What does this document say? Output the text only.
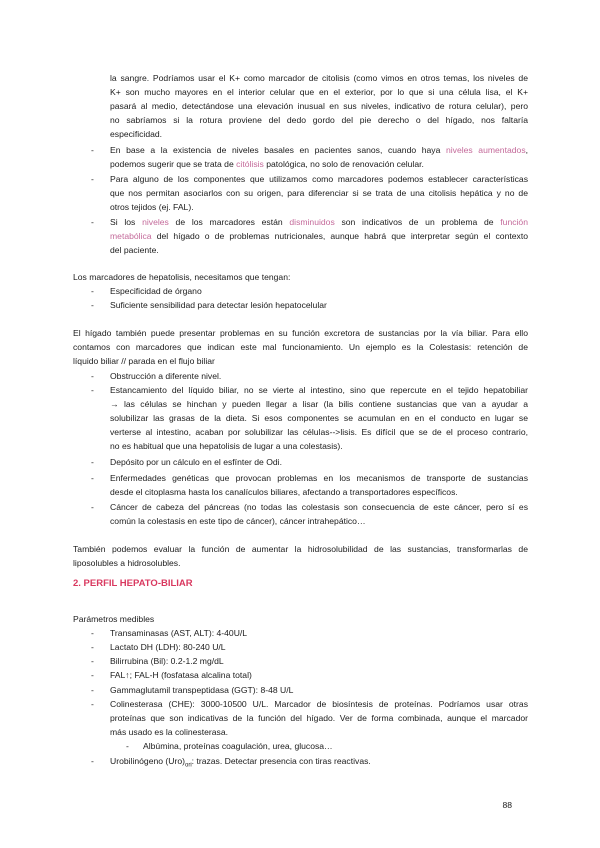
la sangre. Podríamos usar el K+ como marcador de citolisis (como vimos en otros temas, los niveles de
K+ son mucho mayores en el interior celular que en el exterior, por lo que si una célula lisa, el K+
pasará al medio, detectándose una elevación inusual en sus niveles, indicativo de rotura celular), pero
no sabríamos si la rotura proviene del dedo gordo del pie derecho o del hígado, nos faltaría
especificidad.
- En base a la existencia de niveles basales en pacientes sanos, cuando haya niveles aumentados,
podemos sugerir que se trata de citólisis patológica, no solo de renovación celular.
- Para alguno de los componentes que utilizamos como marcadores podemos establecer características
que nos permitan asociarlos con su origen, para diferenciar si se trata de una citolisis hepática y no de
otros tejidos (ej. FAL).
- Si los niveles de los marcadores están disminuidos son indicativos de un problema de función
metabólica del hígado o de problemas nutricionales, aunque habrá que interpretar según el contexto
del paciente.
Los marcadores de hepatolisis, necesitamos que tengan:
- Especificidad de órgano
- Suficiente sensibilidad para detectar lesión hepatocelular
El hígado también puede presentar problemas en su función excretora de sustancias por la vía biliar. Para ello
contamos con marcadores que indican este mal funcionamiento. Un ejemplo es la Colestasis: retención de
líquido biliar // parada en el flujo biliar
- Obstrucción a diferente nivel.
- Estancamiento del líquido biliar, no se vierte al intestino, sino que repercute en el tejido hepatobiliar
→ las células se hinchan y pueden llegar a lisar (la bilis contiene sustancias que van a ayudar a
solubilizar las grasas de la dieta. Si esos componentes se acumulan en en el conducto en lugar se
verterse al intestino, acaban por solubilizar las células-->lisis. Es difícil que se de el proceso contrario,
no es habitual que una hepatolisis de lugar a una colestasis).
- Depósito por un cálculo en el esfínter de Odi.
- Enfermedades genéticas que provocan problemas en los mecanismos de transporte de sustancias
desde el citoplasma hasta los canalículos biliares, afectando a transportadores específicos.
- Cáncer de cabeza del páncreas (no todas las colestasis son consecuencia de este cáncer, pero sí es
común la colestasis en este tipo de cáncer), cáncer intrahepático…
También podemos evaluar la función de aumentar la hidrosolubilidad de las sustancias, transformarlas de
liposolubles a hidrosolubles.
2. PERFIL HEPATO-BILIAR
Parámetros medibles
- Transaminasas (AST, ALT): 4-40U/L
- Lactato DH (LDH): 80-240 U/L
- Bilirrubina (Bil): 0.2-1.2 mg/dL
- FAL↑; FAL-H (fosfatasa alcalina total)
- Gammaglutamil transpeptidasa (GGT): 8-48 U/L
- Colinesterasa (CHE): 3000-10500 U/L. Marcador de biosíntesis de proteínas. Podríamos usar otras
proteínas que son indicativas de la función del hígado. Ver de forma combinada, aunque el marcador
más usado es la colinesterasa.
- Albúmina, proteínas coagulación, urea, glucosa…
- Urobilinógeno $(Uro)_{ori}$: trazas. Detectar presencia con tiras reactivas.
88
